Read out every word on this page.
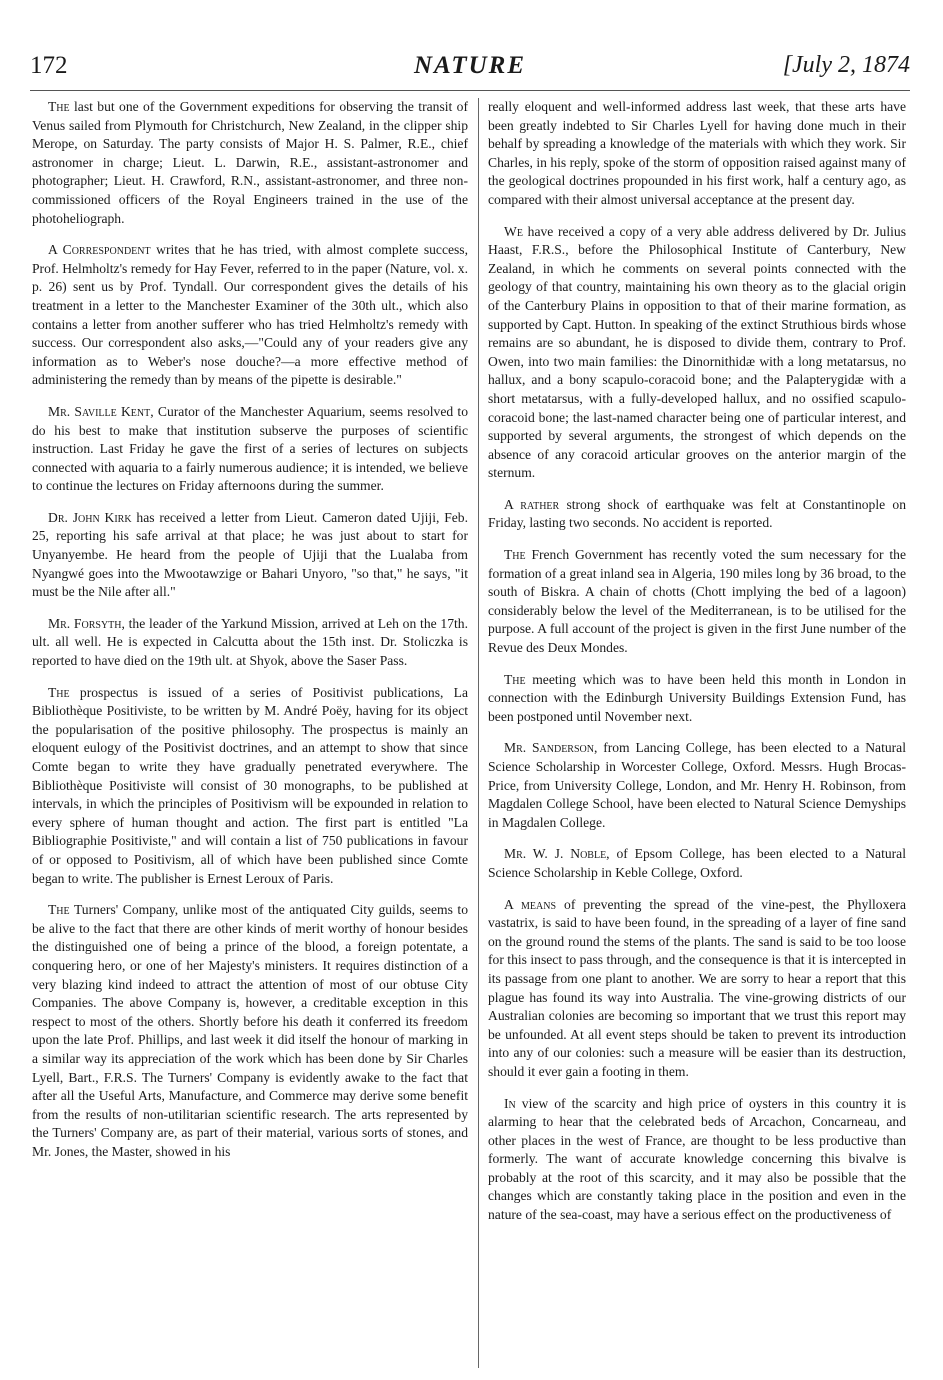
172	NATURE	[July 2, 1874

The last but one of the Government expeditions for observing the transit of Venus sailed from Plymouth for Christchurch, New Zealand, in the clipper ship Merope, on Saturday. The party consists of Major H. S. Palmer, R.E., chief astronomer in charge; Lieut. L. Darwin, R.E., assistant-astronomer and photographer; Lieut. H. Crawford, R.N., assistant-astronomer, and three non-commissioned officers of the Royal Engineers trained in the use of the photoheliograph.

A Correspondent writes that he has tried, with almost complete success, Prof. Helmholtz's remedy for Hay Fever, referred to in the paper (Nature, vol. x. p. 26) sent us by Prof. Tyndall. Our correspondent gives the details of his treatment in a letter to the Manchester Examiner of the 30th ult., which also contains a letter from another sufferer who has tried Helmholtz's remedy with success. Our correspondent also asks,—"Could any of your readers give any information as to Weber's nose douche?—a more effective method of administering the remedy than by means of the pipette is desirable."

Mr. Saville Kent, Curator of the Manchester Aquarium, seems resolved to do his best to make that institution subserve the purposes of scientific instruction. Last Friday he gave the first of a series of lectures on subjects connected with aquaria to a fairly numerous audience; it is intended, we believe to continue the lectures on Friday afternoons during the summer.

Dr. John Kirk has received a letter from Lieut. Cameron dated Ujiji, Feb. 25, reporting his safe arrival at that place; he was just about to start for Unyanyembe. He heard from the people of Ujiji that the Lualaba from Nyangwé goes into the Mwootawzige or Bahari Unyoro, "so that," he says, "it must be the Nile after all."

Mr. Forsyth, the leader of the Yarkund Mission, arrived at Leh on the 17th. ult. all well. He is expected in Calcutta about the 15th inst. Dr. Stoliczka is reported to have died on the 19th ult. at Shyok, above the Saser Pass.

The prospectus is issued of a series of Positivist publications, La Bibliothèque Positiviste, to be written by M. André Poëy, having for its object the popularisation of the positive philosophy. The prospectus is mainly an eloquent eulogy of the Positivist doctrines, and an attempt to show that since Comte began to write they have gradually penetrated everywhere. The Bibliothèque Positiviste will consist of 30 monographs, to be published at intervals, in which the principles of Positivism will be expounded in relation to every sphere of human thought and action. The first part is entitled "La Bibliographie Positiviste," and will contain a list of 750 publications in favour of or opposed to Positivism, all of which have been published since Comte began to write. The publisher is Ernest Leroux of Paris.

The Turners' Company, unlike most of the antiquated City guilds, seems to be alive to the fact that there are other kinds of merit worthy of honour besides the distinguished one of being a prince of the blood, a foreign potentate, a conquering hero, or one of her Majesty's ministers. It requires distinction of a very blazing kind indeed to attract the attention of most of our obtuse City Companies. The above Company is, however, a creditable exception in this respect to most of the others. Shortly before his death it conferred its freedom upon the late Prof. Phillips, and last week it did itself the honour of marking in a similar way its appreciation of the work which has been done by Sir Charles Lyell, Bart., F.R.S. The Turners' Company is evidently awake to the fact that after all the Useful Arts, Manufacture, and Commerce may derive some benefit from the results of non-utilitarian scientific research. The arts represented by the Turners' Company are, as part of their material, various sorts of stones, and Mr. Jones, the Master, showed in his

really eloquent and well-informed address last week, that these arts have been greatly indebted to Sir Charles Lyell for having done much in their behalf by spreading a knowledge of the materials with which they work. Sir Charles, in his reply, spoke of the storm of opposition raised against many of the geological doctrines propounded in his first work, half a century ago, as compared with their almost universal acceptance at the present day.

We have received a copy of a very able address delivered by Dr. Julius Haast, F.R.S., before the Philosophical Institute of Canterbury, New Zealand, in which he comments on several points connected with the geology of that country, maintaining his own theory as to the glacial origin of the Canterbury Plains in opposition to that of their marine formation, as supported by Capt. Hutton. In speaking of the extinct Struthious birds whose remains are so abundant, he is disposed to divide them, contrary to Prof. Owen, into two main families: the Dinornithidæ with a long metatarsus, no hallux, and a bony scapulo-coracoid bone; and the Palapterygidæ with a short metatarsus, with a fully-developed hallux, and no ossified scapulo-coracoid bone; the last-named character being one of particular interest, and supported by several arguments, the strongest of which depends on the absence of any coracoid articular grooves on the anterior margin of the sternum.

A rather strong shock of earthquake was felt at Constantinople on Friday, lasting two seconds. No accident is reported.

The French Government has recently voted the sum necessary for the formation of a great inland sea in Algeria, 190 miles long by 36 broad, to the south of Biskra. A chain of chotts (Chott implying the bed of a lagoon) considerably below the level of the Mediterranean, is to be utilised for the purpose. A full account of the project is given in the first June number of the Revue des Deux Mondes.

The meeting which was to have been held this month in London in connection with the Edinburgh University Buildings Extension Fund, has been postponed until November next.

Mr. Sanderson, from Lancing College, has been elected to a Natural Science Scholarship in Worcester College, Oxford. Messrs. Hugh Brocas-Price, from University College, London, and Mr. Henry H. Robinson, from Magdalen College School, have been elected to Natural Science Demyships in Magdalen College.

Mr. W. J. Noble, of Epsom College, has been elected to a Natural Science Scholarship in Keble College, Oxford.

A means of preventing the spread of the vine-pest, the Phylloxera vastatrix, is said to have been found, in the spreading of a layer of fine sand on the ground round the stems of the plants. The sand is said to be too loose for this insect to pass through, and the consequence is that it is intercepted in its passage from one plant to another. We are sorry to hear a report that this plague has found its way into Australia. The vine-growing districts of our Australian colonies are becoming so important that we trust this report may be unfounded. At all event steps should be taken to prevent its introduction into any of our colonies: such a measure will be easier than its destruction, should it ever gain a footing in them.

In view of the scarcity and high price of oysters in this country it is alarming to hear that the celebrated beds of Arcachon, Concarneau, and other places in the west of France, are thought to be less productive than formerly. The want of accurate knowledge concerning this bivalve is probably at the root of this scarcity, and it may also be possible that the changes which are constantly taking place in the position and even in the nature of the sea-coast, may have a serious effect on the productiveness of
